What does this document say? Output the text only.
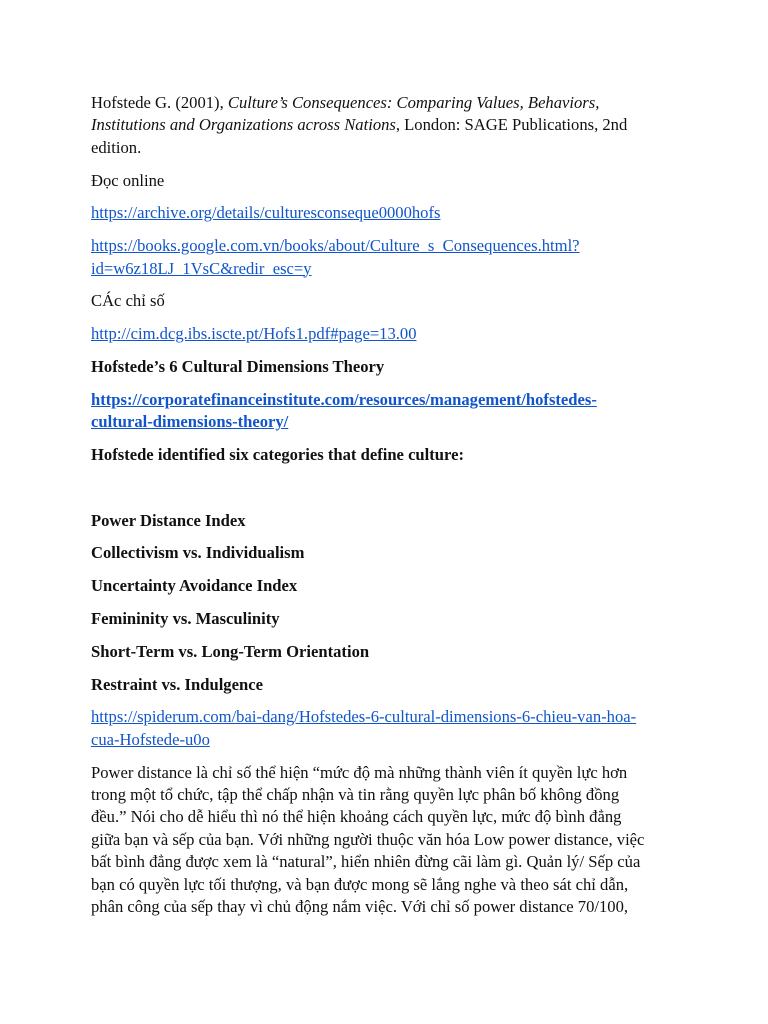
Hofstede G. (2001), Culture’s Consequences: Comparing Values, Behaviors,
Institutions and Organizations across Nations, London: SAGE Publications, 2nd
edition.

Đọc online

https://archive.org/details/culturesconseque0000hofs

https://books.google.com.vn/books/about/Culture_s_Consequences.html?
id=w6z18LJ_1VsC&redir_esc=y

CÁc chỉ số

http://cim.dcg.ibs.iscte.pt/Hofs1.pdf#page=13.00

Hofstede’s 6 Cultural Dimensions Theory

https://corporatefinanceinstitute.com/resources/management/hofstedes-
cultural-dimensions-theory/

Hofstede identified six categories that define culture:

Power Distance Index

Collectivism vs. Individualism

Uncertainty Avoidance Index

Femininity vs. Masculinity

Short-Term vs. Long-Term Orientation

Restraint vs. Indulgence

https://spiderum.com/bai-dang/Hofstedes-6-cultural-dimensions-6-chieu-van-hoa-
cua-Hofstede-u0o

Power distance là chỉ số thể hiện “mức độ mà những thành viên ít quyền lực hơn
trong một tổ chức, tập thể chấp nhận và tin rằng quyền lực phân bố không đồng
đều.” Nói cho dễ hiểu thì nó thể hiện khoảng cách quyền lực, mức độ bình đẳng
giữa bạn và sếp của bạn. Với những người thuộc văn hóa Low power distance, việc
bất bình đẳng được xem là “natural”, hiển nhiên đừng cãi làm gì. Quản lý/ Sếp của
bạn có quyền lực tối thượng, và bạn được mong sẽ lắng nghe và theo sát chỉ dẫn,
phân công của sếp thay vì chủ động nắm việc. Với chỉ số power distance 70/100,
